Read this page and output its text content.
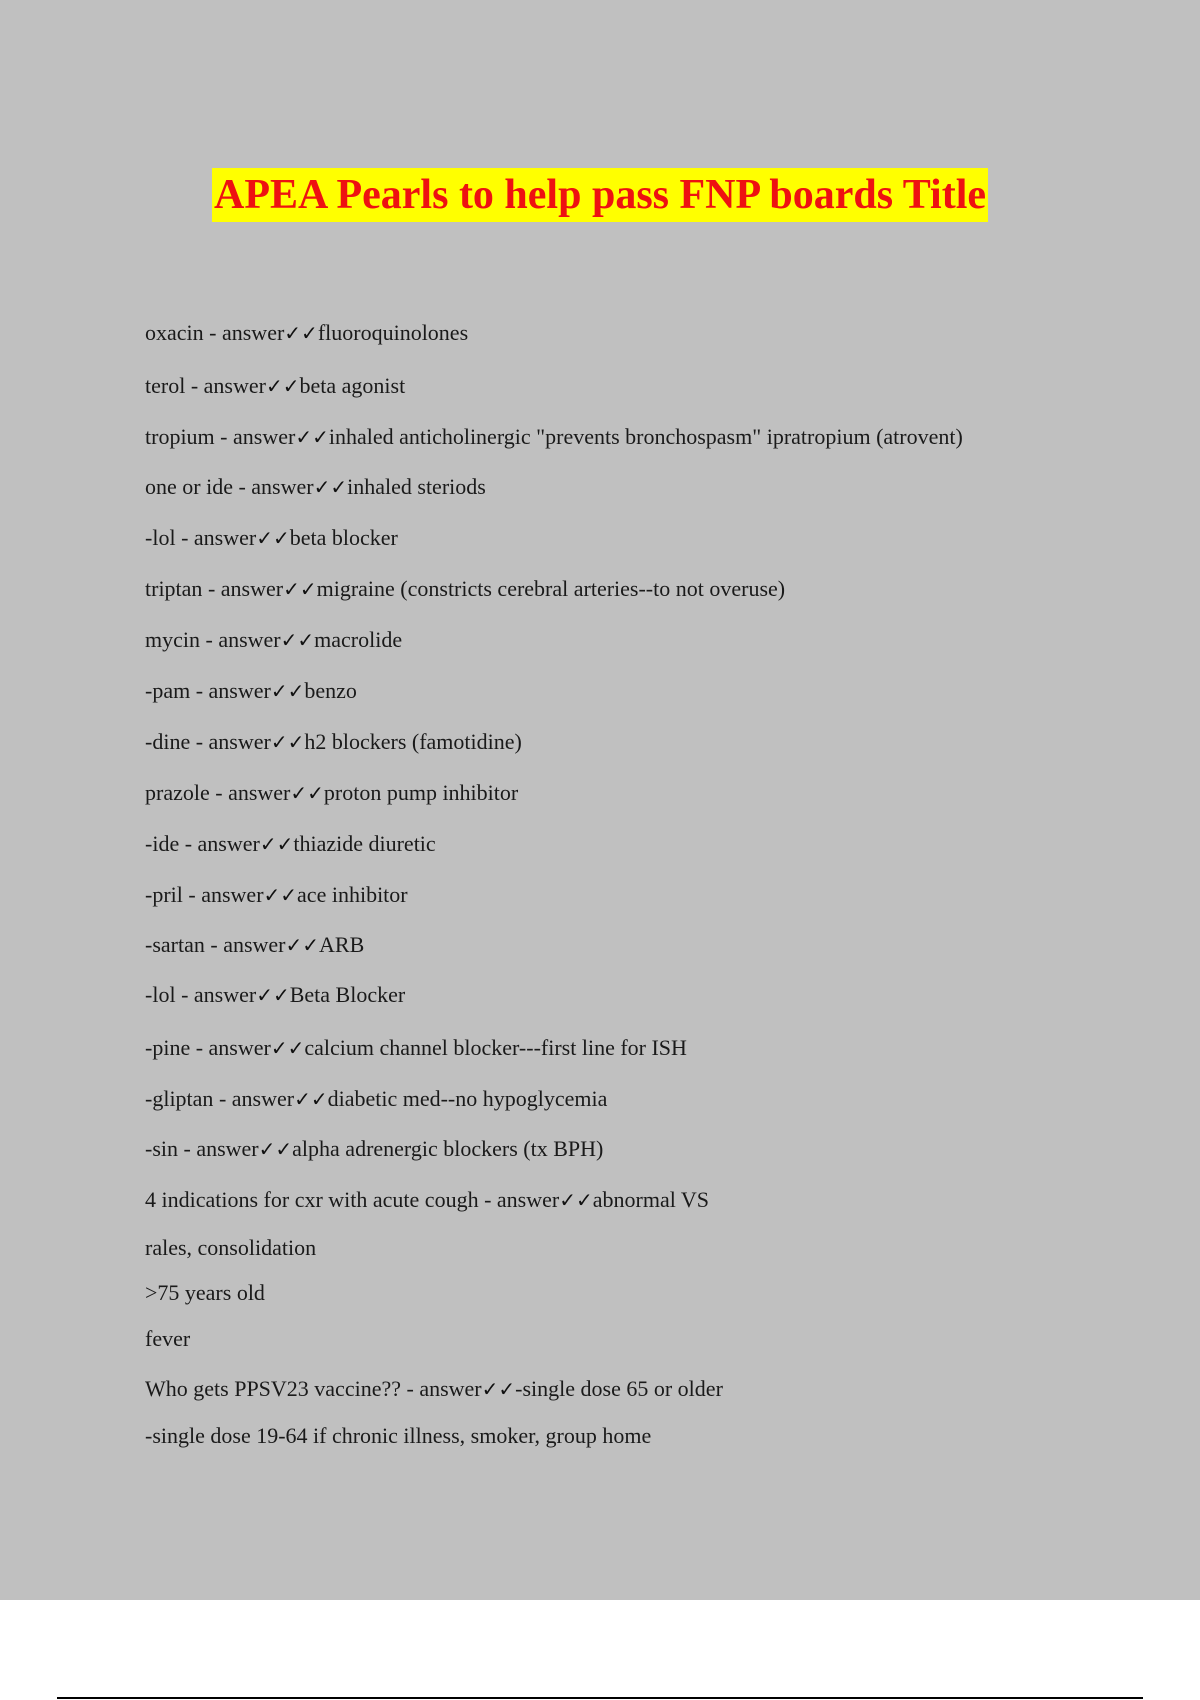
APEA Pearls to help pass FNP boards Title
oxacin - answer✓✓fluoroquinolones
terol - answer✓✓beta agonist
tropium - answer✓✓inhaled anticholinergic "prevents bronchospasm" ipratropium (atrovent)
one or ide - answer✓✓inhaled steriods
-lol - answer✓✓beta blocker
triptan - answer✓✓migraine (constricts cerebral arteries--to not overuse)
mycin - answer✓✓macrolide
-pam - answer✓✓benzo
-dine - answer✓✓h2 blockers (famotidine)
prazole - answer✓✓proton pump inhibitor
-ide - answer✓✓thiazide diuretic
-pril - answer✓✓ace inhibitor
-sartan - answer✓✓ARB
-lol - answer✓✓Beta Blocker
-pine - answer✓✓calcium channel blocker---first line for ISH
-gliptan - answer✓✓diabetic med--no hypoglycemia
-sin - answer✓✓alpha adrenergic blockers (tx BPH)
4 indications for cxr with acute cough - answer✓✓abnormal VS
rales, consolidation
>75 years old
fever
Who gets PPSV23 vaccine?? - answer✓✓-single dose 65 or older
-single dose 19-64 if chronic illness, smoker, group home
